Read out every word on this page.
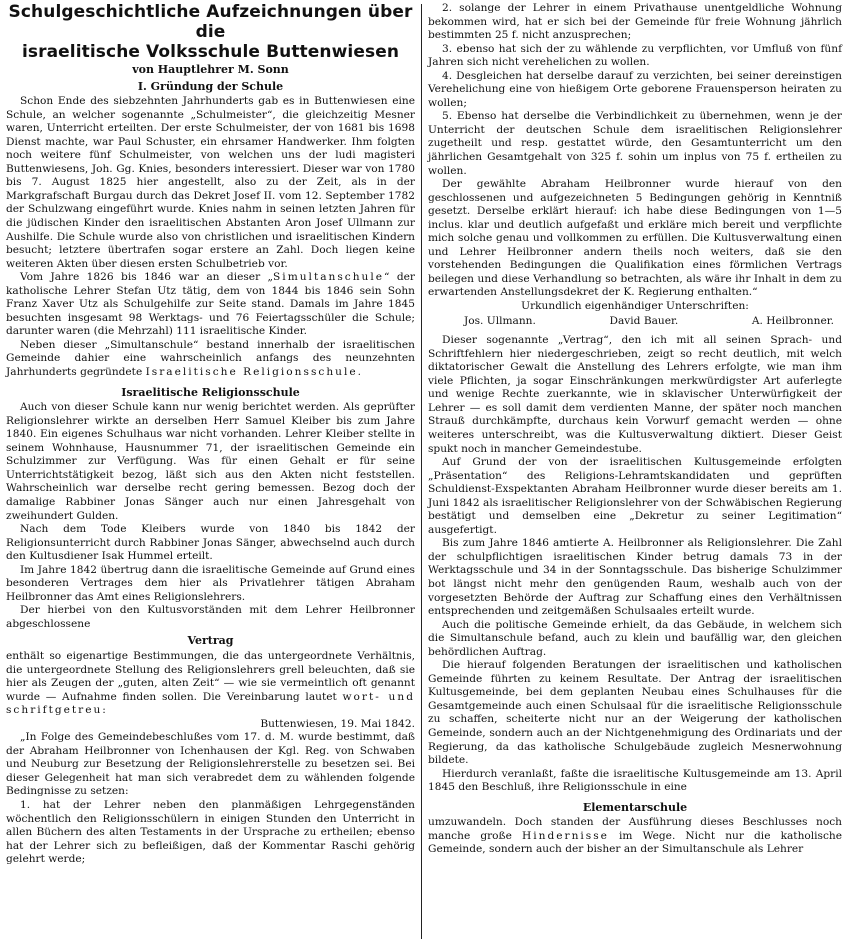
Schulgeschichtliche Aufzeichnungen über die
israelitische Volksschule Buttenwiesen
von Hauptlehrer M. Sonn
I. Gründung der Schule

Schon Ende des siebzehnten Jahrhunderts gab es in Buttenwiesen eine Schule, an welcher sogenannte „Schulmeister“, die gleichzeitig Mesner waren, Unterricht erteilten. Der erste Schulmeister, der von 1681 bis 1698 Dienst machte, war Paul Schuster, ein ehrsamer Handwerker. Ihm folgten noch weitere fünf Schulmeister, von welchen uns der ludi magisteri Buttenwiesens, Joh. Gg. Knies, besonders interessiert. Dieser war von 1780 bis 7. August 1825 hier angestellt, also zu der Zeit, als in der Markgrafschaft Burgau durch das Dekret Josef II. vom 12. September 1782 der Schulzwang eingeführt wurde. Knies nahm in seinen letzten Jahren für die jüdischen Kinder den israelitischen Abstanten Aron Josef Ullmann zur Aushilfe. Die Schule wurde also von christlichen und israelitischen Kindern besucht; letztere übertrafen sogar erstere an Zahl. Doch liegen keine weiteren Akten über diesen ersten Schulbetrieb vor.

Vom Jahre 1826 bis 1846 war an dieser „Simultanschule“ der katholische Lehrer Stefan Utz tätig, dem von 1844 bis 1846 sein Sohn Franz Xaver Utz als Schulgehilfe zur Seite stand. Damals im Jahre 1845 besuchten insgesamt 98 Werktags- und 76 Feiertagsschüler die Schule; darunter waren (die Mehrzahl) 111 israelitische Kinder.

Neben dieser „Simultanschule“ bestand innerhalb der israelitischen Gemeinde dahier eine wahrscheinlich anfangs des neunzehnten Jahrhunderts gegründete Israelitische Religionsschule.

Israelitische Religionsschule

Auch von dieser Schule kann nur wenig berichtet werden. Als geprüfter Religionslehrer wirkte an derselben Herr Samuel Kleiber bis zum Jahre 1840. Ein eigenes Schulhaus war nicht vorhanden. Lehrer Kleiber stellte in seinem Wohnhause, Hausnummer 71, der israelitischen Gemeinde ein Schulzimmer zur Verfügung. Was für einen Gehalt er für seine Unterrichtstätigkeit bezog, läßt sich aus den Akten nicht feststellen. Wahrscheinlich war derselbe recht gering bemessen. Bezog doch der damalige Rabbiner Jonas Sänger auch nur einen Jahresgehalt von zweihundert Gulden.

Nach dem Tode Kleibers wurde von 1840 bis 1842 der Religionsunterricht durch Rabbiner Jonas Sänger, abwechselnd auch durch den Kultusdiener Isak Hummel erteilt.

Im Jahre 1842 übertrug dann die israelitische Gemeinde auf Grund eines besonderen Vertrages dem hier als Privatlehrer tätigen Abraham Heilbronner das Amt eines Religionslehrers.

Der hierbei von den Kultusvorständen mit dem Lehrer Heilbronner abgeschlossene

Vertrag

enthält so eigenartige Bestimmungen, die das untergeordnete Verhältnis, die untergeordnete Stellung des Religionslehrers grell beleuchten, daß sie hier als Zeugen der „guten, alten Zeit“ — wie sie vermeintlich oft genannt wurde — Aufnahme finden sollen. Die Vereinbarung lautet wort- und schriftgetreu:

Buttenwiesen, 19. Mai 1842.

„In Folge des Gemeindebeschlußes vom 17. d. M. wurde bestimmt, daß der Abraham Heilbronner von Ichenhausen der Kgl. Reg. von Schwaben und Neuburg zur Besetzung der Religionslehrerstelle zu besetzen sei. Bei dieser Gelegenheit hat man sich verabredet dem zu wählenden folgende Bedingnisse zu setzen:

1. hat der Lehrer neben den planmäßigen Lehrgegenständen wöchentlich den Religionsschülern in einigen Stunden den Unterricht in allen Büchern des alten Testaments in der Ursprache zu ertheilen; ebenso hat der Lehrer sich zu befleißigen, daß der Kommentar Raschi gehörig gelehrt werde;

2. solange der Lehrer in einem Privathause unentgeldliche Wohnung bekommen wird, hat er sich bei der Gemeinde für freie Wohnung jährlich bestimmten 25 f. nicht anzusprechen;

3. ebenso hat sich der zu wählende zu verpflichten, vor Umfluß von fünf Jahren sich nicht verehelichen zu wollen.

4. Desgleichen hat derselbe darauf zu verzichten, bei seiner dereinstigen Verehelichung eine von hießigem Orte geborene Frauensperson heiraten zu wollen;

5. Ebenso hat derselbe die Verbindlichkeit zu übernehmen, wenn je der Unterricht der deutschen Schule dem israelitischen Religionslehrer zugetheilt und resp. gestattet würde, den Gesamtunterricht um den jährlichen Gesamtgehalt von 325 f. sohin um inplus von 75 f. ertheilen zu wollen.

Der gewählte Abraham Heilbronner wurde hierauf von den geschlossenen und aufgezeichneten 5 Bedingungen gehörig in Kenntniß gesetzt. Derselbe erklärt hierauf: ich habe diese Bedingungen von 1—5 inclus. klar und deutlich aufgefaßt und erkläre mich bereit und verpflichte mich solche genau und vollkommen zu erfüllen. Die Kultusverwaltung einen und Lehrer Heilbronner andern theils noch weiters, daß sie den vorstehenden Bedingungen die Qualifikation eines förmlichen Vertrags beilegen und diese Verhandlung so betrachten, als wäre ihr Inhalt in dem zu erwartenden Anstellungsdekret der K. Regierung enthalten.“

Urkundlich eigenhändiger Unterschriften:

Jos. Ullmann.	David Bauer.	A. Heilbronner.

Dieser sogenannte „Vertrag“, den ich mit all seinen Sprach- und Schriftfehlern hier niedergeschrieben, zeigt so recht deutlich, mit welch diktatorischer Gewalt die Anstellung des Lehrers erfolgte, wie man ihm viele Pflichten, ja sogar Einschränkungen merkwürdigster Art auferlegte und wenige Rechte zuerkannte, wie in sklavischer Unterwürfigkeit der Lehrer — es soll damit dem verdienten Manne, der später noch manchen Strauß durchkämpfte, durchaus kein Vorwurf gemacht werden — ohne weiteres unterschreibt, was die Kultusverwaltung diktiert. Dieser Geist spukt noch in mancher Gemeindestube.

Auf Grund der von der israelitischen Kultusgemeinde erfolgten „Präsentation“ des Religions-Lehramtskandidaten und geprüften Schuldienst-Exspektanten Abraham Heilbronner wurde dieser bereits am 1. Juni 1842 als israelitischer Religionslehrer von der Schwäbischen Regierung bestätigt und demselben eine „Dekretur zu seiner Legitimation“ ausgefertigt.

Bis zum Jahre 1846 amtierte A. Heilbronner als Religionslehrer. Die Zahl der schulpflichtigen israelitischen Kinder betrug damals 73 in der Werktagsschule und 34 in der Sonntagsschule. Das bisherige Schulzimmer bot längst nicht mehr den genügenden Raum, weshalb auch von der vorgesetzten Behörde der Auftrag zur Schaffung eines den Verhältnissen entsprechenden und zeitgemäßen Schulsaales erteilt wurde.

Auch die politische Gemeinde erhielt, da das Gebäude, in welchem sich die Simultanschule befand, auch zu klein und baufällig war, den gleichen behördlichen Auftrag.

Die hierauf folgenden Beratungen der israelitischen und katholischen Gemeinde führten zu keinem Resultate. Der Antrag der israelitischen Kultusgemeinde, bei dem geplanten Neubau eines Schulhauses für die Gesamtgemeinde auch einen Schulsaal für die israelitische Religionsschule zu schaffen, scheiterte nicht nur an der Weigerung der katholischen Gemeinde, sondern auch an der Nichtgenehmigung des Ordinariats und der Regierung, da das katholische Schulgebäude zugleich Mesnerwohnung bildete.

Hierdurch veranlaßt, faßte die israelitische Kultusgemeinde am 13. April 1845 den Beschluß, ihre Religionsschule in eine

Elementarschule

umzuwandeln. Doch standen der Ausführung dieses Beschlusses noch manche große Hindernisse im Wege. Nicht nur die katholische Gemeinde, sondern auch der bisher an der Simultanschule als Lehrer
